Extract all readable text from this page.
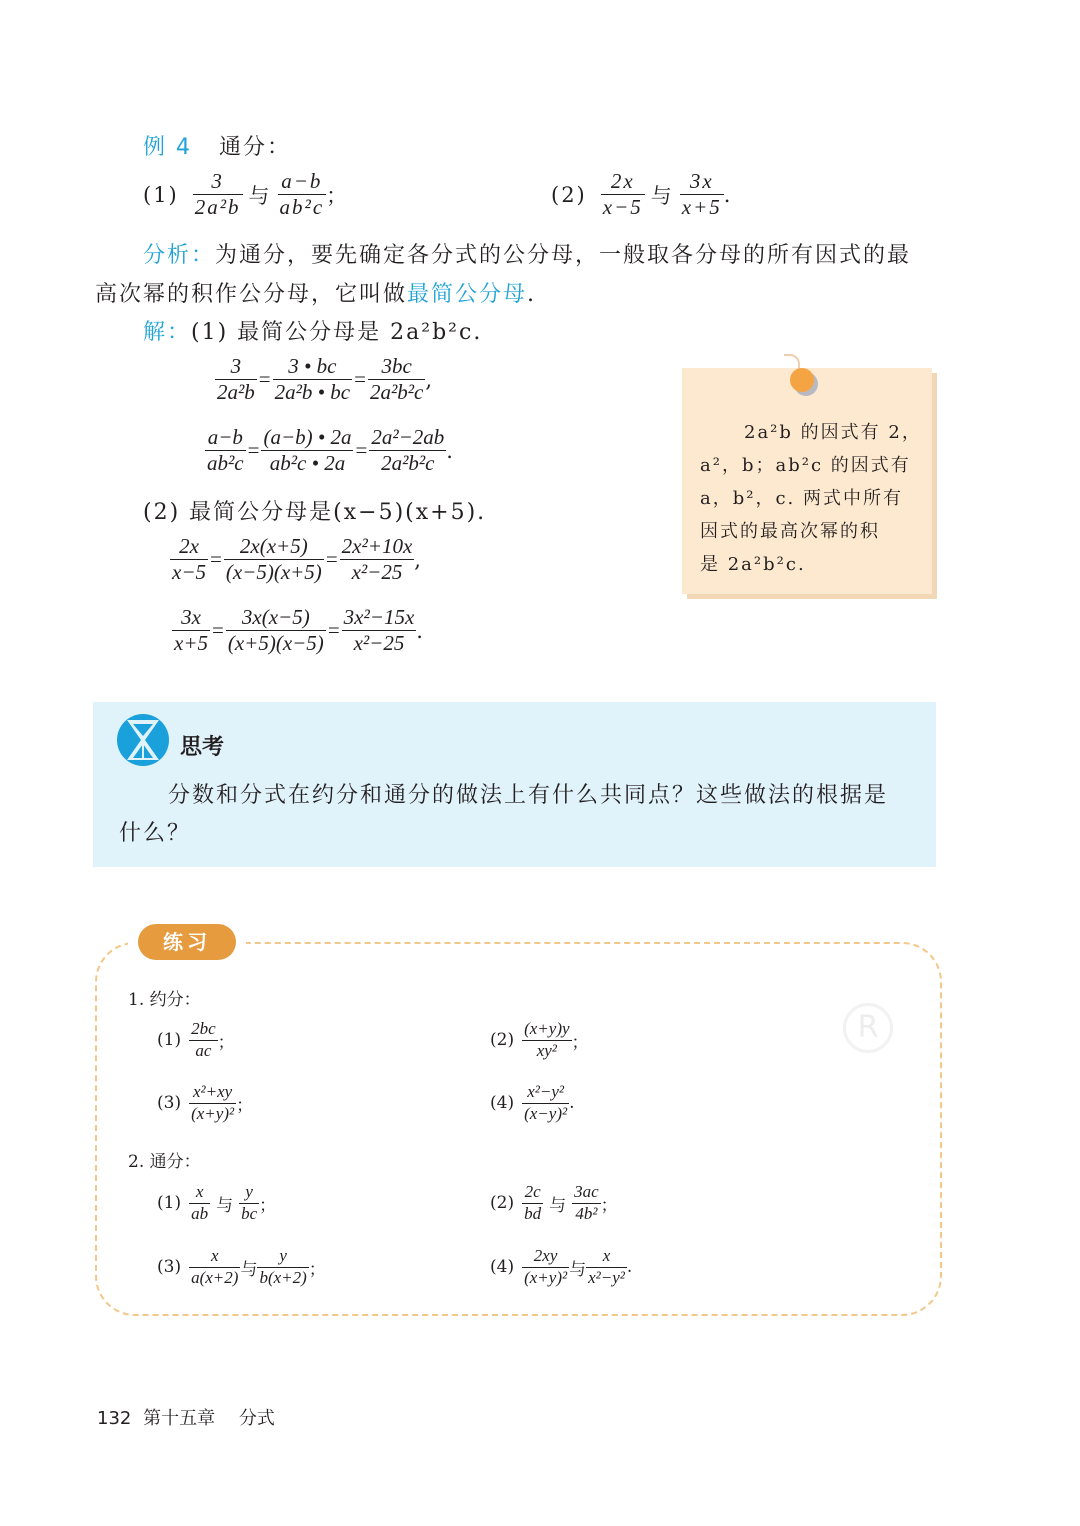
例 4 通分：
$(1) \frac{3}{\text{2a²b}}$ 与 $\frac{a-b}{\text{ab²c}}$ ；	$(2) \frac{2x}{x-5}$ 与 $\frac{3x}{x+5}$ .
分析：为通分，要先确定各分式的公分母，一般取各分母的所有因式的最
高次幂的积作公分母，它叫做最简公分母.
解：(1) 最简公分母是 2a²b²c.
$\frac{3}{\text{2a²b}} = \frac{3 • bc}{\text{2a²b • bc}} = \frac{3bc}{\text{2a²b²c}}$ ,
$\frac{a-b}{\text{ab²c}} = \frac{(a-b) • 2a}{\text{ab²c • 2a}} = \frac{\text{2a²−2ab}}{\text{2a²b²c}}$ .
(2) 最简公分母是(x−5)(x+5).
$\frac{2x}{x-5} = \frac{2x(x+5)}{(x-5)(x+5)} = \frac{\text{2x²+10x}}{\text{x²−25}}$ ,
$\frac{3x}{x+5} = \frac{3x(x-5)}{(x+5)(x-5)} = \frac{\text{3x²−15x}}{\text{x²−25}}$ .
2a²b 的因式有 2，
a²，b；ab²c 的因式有
a，b²，c. 两式中所有
因式的最高次幂的积
是 2a²b²c.
思考
分数和分式在约分和通分的做法上有什么共同点？这些做法的根据是
什么？
练习
R
1. 约分：
$(1) \frac{2bc}{ac}$ ；	$(2) \frac{(x+y)y}{\text{xy²}}$ ；
$(3) \frac{\text{x²+xy}}{\text{(x+y)²}}$ ；	$(4) \frac{\text{x²−y²}}{\text{(x−y)²}}$ .
2. 通分：
$(1) \frac{x}{ab}$ 与 $\frac{y}{bc}$ ；	$(2) \frac{2c}{bd}$ 与 $\frac{3ac}{\text{4b²}}$ ；
$(3) \frac{x}{a(x+2)}$ 与 $\frac{y}{b(x+2)}$ ；	$(4) \frac{2xy}{\text{(x+y)²}}$ 与 $\frac{x}{\text{x²−y²}}$ .
132 第十五章 分式
